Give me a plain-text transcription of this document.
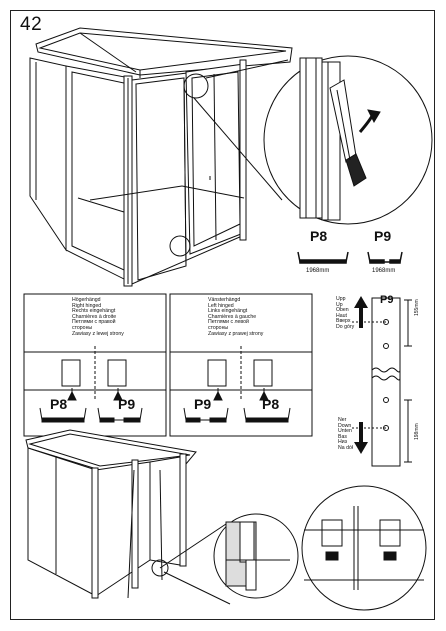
42
P8	P9
1968mm	1968mm
Högerhängd
Right hinged
Rechts eingehängt
Charnières à droite
Петлями с правой
стороны
Zawiasy z lewej strony
P8	P9
Vänsterhängd
Left hinged
Links eingehängt
Charnières à gauche
Петлями с левой
стороны
Zawiasy z prawej strony
P9	P8
P9
Upp
Up
Oben
Haut
Вверх
Do góry
Ner
Down
Unten
Bas
Низ
Na dół
155mm
198mm
